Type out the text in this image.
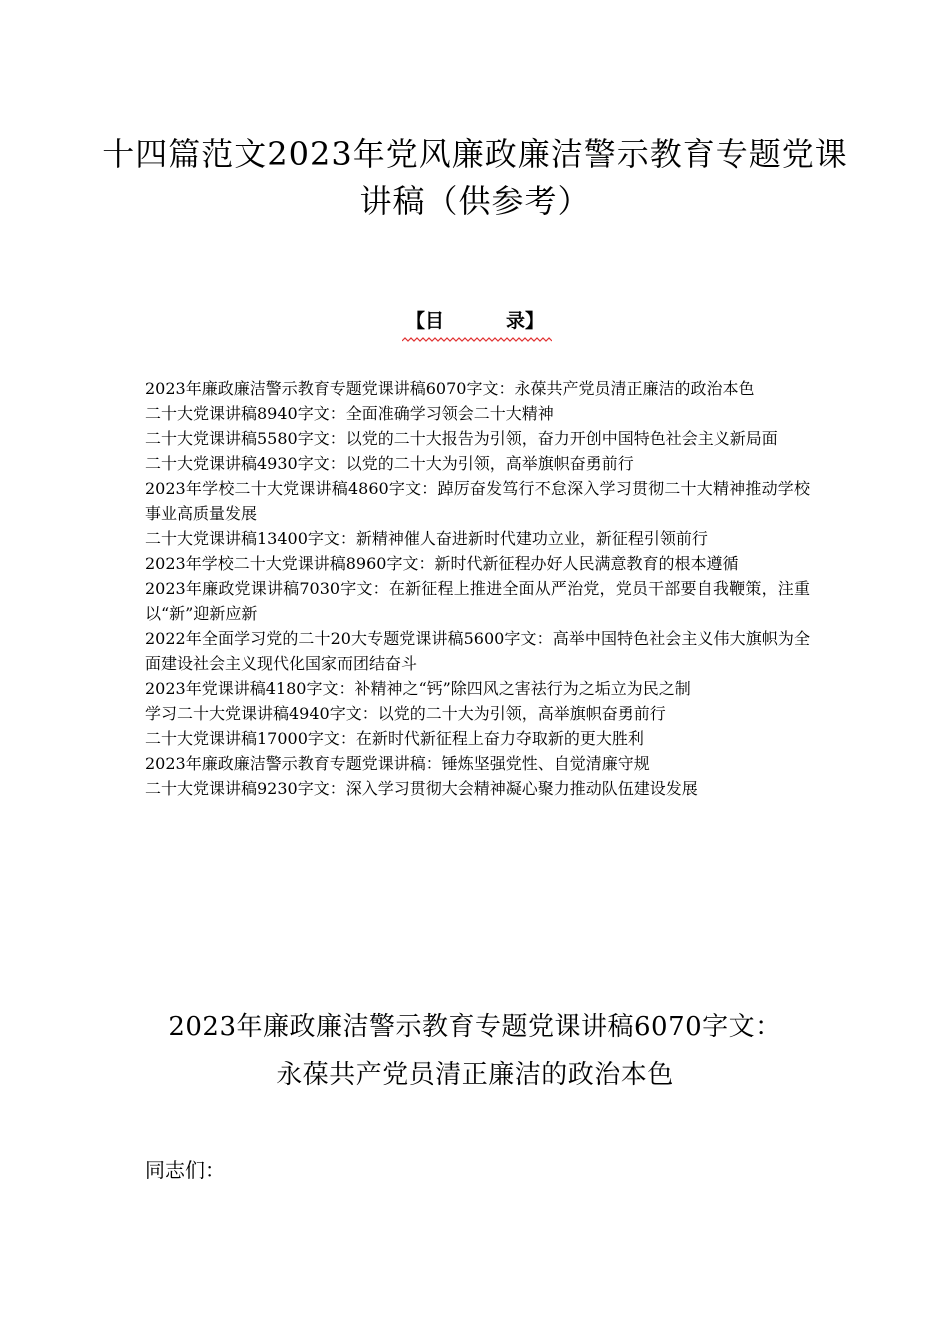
十四篇范文2023年党风廉政廉洁警示教育专题党课
讲稿（供参考）
【目	录】
2023年廉政廉洁警示教育专题党课讲稿6070字文：永葆共产党员清正廉洁的政治本色
二十大党课讲稿8940字文：全面准确学习领会二十大精神
二十大党课讲稿5580字文：以党的二十大报告为引领，奋力开创中国特色社会主义新局面
二十大党课讲稿4930字文：以党的二十大为引领，高举旗帜奋勇前行
2023年学校二十大党课讲稿4860字文：踔厉奋发笃行不怠深入学习贯彻二十大精神推动学校事业高质量发展
二十大党课讲稿13400字文：新精神催人奋进新时代建功立业，新征程引领前行
2023年学校二十大党课讲稿8960字文：新时代新征程办好人民满意教育的根本遵循
2023年廉政党课讲稿7030字文：在新征程上推进全面从严治党，党员干部要自我鞭策，注重以“新”迎新应新
2022年全面学习党的二十20大专题党课讲稿5600字文：高举中国特色社会主义伟大旗帜为全面建设社会主义现代化国家而团结奋斗
2023年党课讲稿4180字文：补精神之“钙”除四风之害祛行为之垢立为民之制
学习二十大党课讲稿4940字文：以党的二十大为引领，高举旗帜奋勇前行
二十大党课讲稿17000字文：在新时代新征程上奋力夺取新的更大胜利
2023年廉政廉洁警示教育专题党课讲稿：锤炼坚强党性、自觉清廉守规
二十大党课讲稿9230字文：深入学习贯彻大会精神凝心聚力推动队伍建设发展
2023年廉政廉洁警示教育专题党课讲稿6070字文：
永葆共产党员清正廉洁的政治本色
同志们：
